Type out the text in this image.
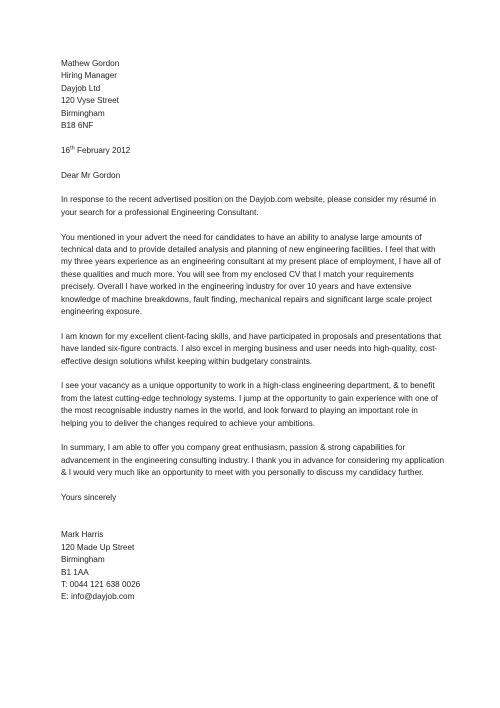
Mathew Gordon
Hiring Manager
Dayjob Ltd
120 Vyse Street
Birmingham
B18 6NF
16th February 2012
Dear Mr Gordon

In response to the recent advertised position on the Dayjob.com website, please consider my résumé in your search for a professional Engineering Consultant.

You mentioned in your advert the need for candidates to have an ability to analyse large amounts of technical data and to provide detailed analysis and planning of new engineering facilities. I feel that with my three years experience as an engineering consultant at my present place of employment, I have all of these qualities and much more. You will see from my enclosed CV that I match your requirements precisely. Overall I have worked in the engineering industry for over 10 years and have extensive knowledge of machine breakdowns, fault finding, mechanical repairs and significant large scale project engineering exposure.

I am known for my excellent client-facing skills, and have participated in proposals and presentations that have landed six-figure contracts. I also excel in merging business and user needs into high-quality, cost-effective design solutions whilst keeping within budgetary constraints.

I see your vacancy as a unique opportunity to work in a high-class engineering department, & to benefit from the latest cutting-edge technology systems. I jump at the opportunity to gain experience with one of the most recognisable industry names in the world, and look forward to playing an important role in helping you to deliver the changes required to achieve your ambitions.

In summary, I am able to offer you company great enthusiasm, passion & strong capabilities for advancement in the engineering consulting industry. I thank you in advance for considering my application & I would very much like an opportunity to meet with you personally to discuss my candidacy further.

Yours sincerely
Mark Harris
120 Made Up Street
Birmingham
B1 1AA
T: 0044 121 638 0026
E: info@dayjob.com
